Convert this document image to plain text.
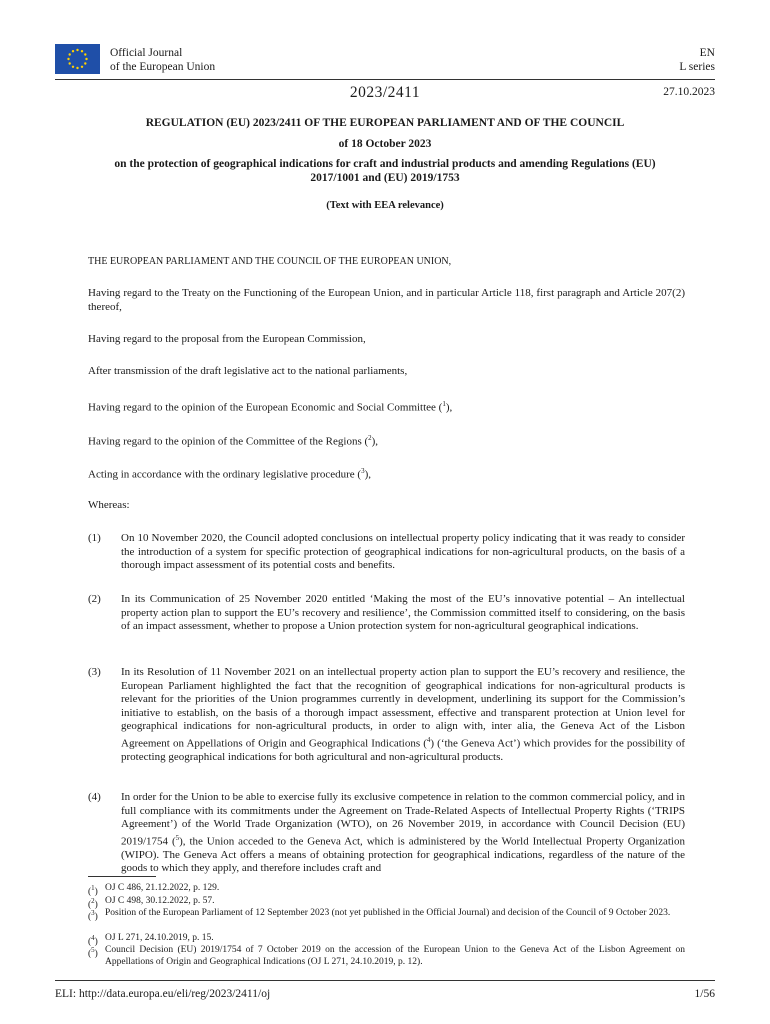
Official Journal
of the European Union
EN
L series
2023/2411	27.10.2023
REGULATION (EU) 2023/2411 OF THE EUROPEAN PARLIAMENT AND OF THE COUNCIL
of 18 October 2023
on the protection of geographical indications for craft and industrial products and amending Regulations (EU) 2017/1001 and (EU) 2019/1753
(Text with EEA relevance)
THE EUROPEAN PARLIAMENT AND THE COUNCIL OF THE EUROPEAN UNION,
Having regard to the Treaty on the Functioning of the European Union, and in particular Article 118, first paragraph and Article 207(2) thereof,
Having regard to the proposal from the European Commission,
After transmission of the draft legislative act to the national parliaments,
Having regard to the opinion of the European Economic and Social Committee ($^1$),
Having regard to the opinion of the Committee of the Regions ($^2$),
Acting in accordance with the ordinary legislative procedure ($^3$),
Whereas:
(1) On 10 November 2020, the Council adopted conclusions on intellectual property policy indicating that it was ready to consider the introduction of a system for specific protection of geographical indications for non-agricultural products, on the basis of a thorough impact assessment of its potential costs and benefits.
(2) In its Communication of 25 November 2020 entitled ‘Making the most of the EU’s innovative potential – An intellectual property action plan to support the EU’s recovery and resilience’, the Commission committed itself to considering, on the basis of an impact assessment, whether to propose a Union protection system for non-agricultural geographical indications.
(3) In its Resolution of 11 November 2021 on an intellectual property action plan to support the EU’s recovery and resilience, the European Parliament highlighted the fact that the recognition of geographical indications for non-agricultural products is relevant for the priorities of the Union programmes currently in development, underlining its support for the Commission’s initiative to establish, on the basis of a thorough impact assessment, effective and transparent protection at Union level for geographical indications for non-agricultural products, in order to align with, inter alia, the Geneva Act of the Lisbon Agreement on Appellations of Origin and Geographical Indications ($^4$) (‘the Geneva Act’) which provides for the possibility of protecting geographical indications for both agricultural and non-agricultural products.
(4) In order for the Union to be able to exercise fully its exclusive competence in relation to the common commercial policy, and in full compliance with its commitments under the Agreement on Trade-Related Aspects of Intellectual Property Rights (‘TRIPS Agreement’) of the World Trade Organization (WTO), on 26 November 2019, in accordance with Council Decision (EU) 2019/1754 ($^5$), the Union acceded to the Geneva Act, which is administered by the World Intellectual Property Organization (WIPO). The Geneva Act offers a means of obtaining protection for geographical indications, regardless of the nature of the goods to which they apply, and therefore includes craft and
($^1$) OJ C 486, 21.12.2022, p. 129.
($^2$) OJ C 498, 30.12.2022, p. 57.
($^3$) Position of the European Parliament of 12 September 2023 (not yet published in the Official Journal) and decision of the Council of 9 October 2023.
($^4$) OJ L 271, 24.10.2019, p. 15.
($^5$) Council Decision (EU) 2019/1754 of 7 October 2019 on the accession of the European Union to the Geneva Act of the Lisbon Agreement on Appellations of Origin and Geographical Indications (OJ L 271, 24.10.2019, p. 12).
ELI: http://data.europa.eu/eli/reg/2023/2411/oj	1/56
